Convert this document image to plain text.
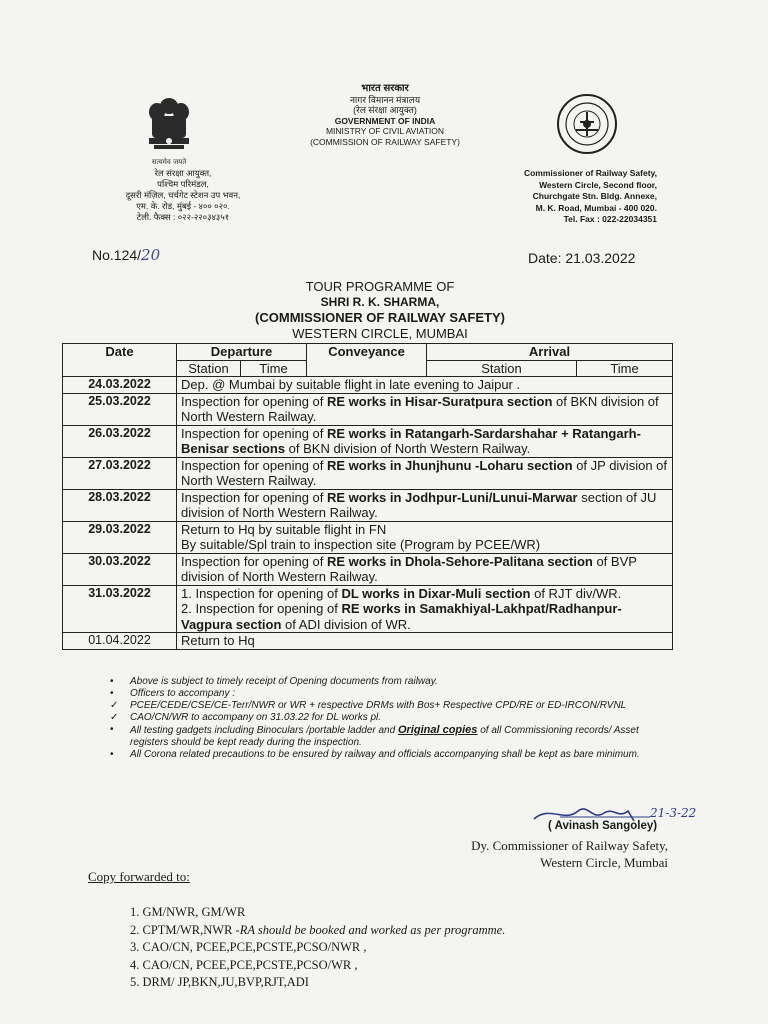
सत्यमेव जयते
भारत सरकार
नागर विमानन मंत्रालय
(रेल संरक्षा आयुक्त)
GOVERNMENT OF INDIA
MINISTRY OF CIVIL AVIATION
(COMMISSION OF RAILWAY SAFETY)
रेल संरक्षा आयुक्त,
पश्चिम परिमंडल,
दूसरी मंज़िल, चर्चगेट स्टेशन उप भवन,
एम. के. रोड, मुंबई - ४०० ०२०.
टेली. फैक्स : ०२२-२२०३४३५१
Commissioner of Railway Safety,
Western Circle, Second floor,
Churchgate Stn. Bldg. Annexe,
M. K. Road, Mumbai - 400 020.
Tel. Fax : 022-22034351
No.124/20	Date: 21.03.2022
TOUR PROGRAMME OF
SHRI R. K. SHARMA,
(COMMISSIONER OF RAILWAY SAFETY)
WESTERN CIRCLE, MUMBAI
Date	Departure		Conveyance	Arrival	
	Station	Time		Station	Time
24.03.2022	Dep. @ Mumbai by suitable flight in late evening to Jaipur .				
25.03.2022	Inspection for opening of RE works in Hisar-Suratpura section of BKN division of North Western Railway.				
26.03.2022	Inspection for opening of RE works in Ratangarh-Sardarshahar + Ratangarh-Benisar sections of BKN division of North Western Railway.				
27.03.2022	Inspection for opening of RE works in Jhunjhunu -Loharu section of JP division of North Western Railway.				
28.03.2022	Inspection for opening of RE works in Jodhpur-Luni/Lunui-Marwar section of JU division of North Western Railway.				
29.03.2022	Return to Hq by suitable flight in FN
By suitable/Spl train to inspection site (Program by PCEE/WR)				
30.03.2022	Inspection for opening of RE works in Dhola-Sehore-Palitana section of BVP division of North Western Railway.				
31.03.2022	1. Inspection for opening of DL works in Dixar-Muli section of RJT div/WR.
2. Inspection for opening of RE works in Samakhiyal-Lakhpat/Radhanpur-Vagpura section of ADI division of WR.				
01.04.2022	Return to Hq				
• Above is subject to timely receipt of Opening documents from railway.
• Officers to accompany :
✓ PCEE/CEDE/CSE/CE-Terr/NWR or WR + respective DRMs with Bos+ Respective CPD/RE or ED-IRCON/RVNL
✓ CAO/CN/WR to accompany on 31.03.22 for DL works pl.
• All testing gadgets including Binoculars /portable ladder and Original copies of all Commissioning records/ Asset registers should be kept ready during the inspection.
• All Corona related precautions to be ensured by railway and officials accompanying shall be kept as bare minimum.
21-3-22
( Avinash Sangoley)
Dy. Commissioner of Railway Safety,
Western Circle, Mumbai
Copy forwarded to:
1. GM/NWR, GM/WR
2. CPTM/WR,NWR -RA should be booked and worked as per programme.
3. CAO/CN, PCEE,PCE,PCSTE,PCSO/NWR ,
4. CAO/CN, PCEE,PCE,PCSTE,PCSO/WR ,
5. DRM/ JP,BKN,JU,BVP,RJT,ADI
